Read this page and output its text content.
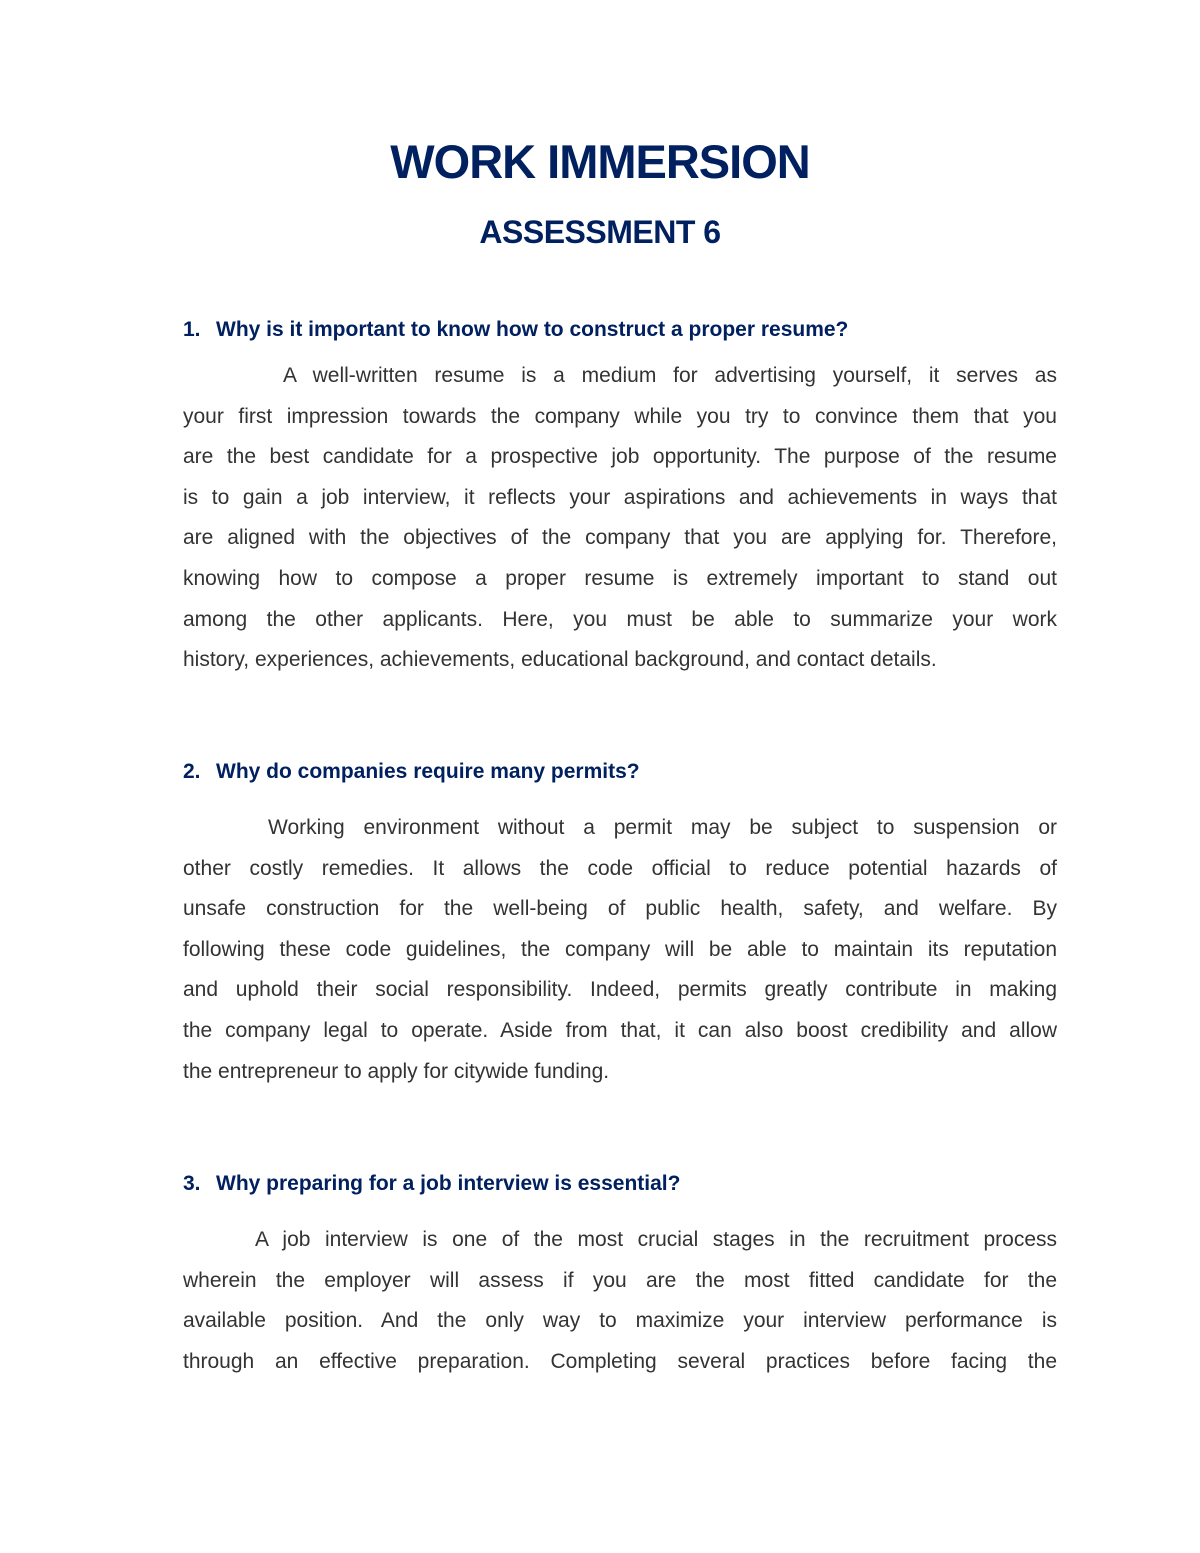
WORK IMMERSION
ASSESSMENT 6
1. Why is it important to know how to construct a proper resume?
A well-written resume is a medium for advertising yourself, it serves as
your first impression towards the company while you try to convince them that you
are the best candidate for a prospective job opportunity. The purpose of the resume
is to gain a job interview, it reflects your aspirations and achievements in ways that
are aligned with the objectives of the company that you are applying for. Therefore,
knowing how to compose a proper resume is extremely important to stand out
among the other applicants. Here, you must be able to summarize your work
history, experiences, achievements, educational background, and contact details.
2. Why do companies require many permits?
Working environment without a permit may be subject to suspension or
other costly remedies. It allows the code official to reduce potential hazards of
unsafe construction for the well-being of public health, safety, and welfare. By
following these code guidelines, the company will be able to maintain its reputation
and uphold their social responsibility. Indeed, permits greatly contribute in making
the company legal to operate. Aside from that, it can also boost credibility and allow
the entrepreneur to apply for citywide funding.
3. Why preparing for a job interview is essential?
A job interview is one of the most crucial stages in the recruitment process
wherein the employer will assess if you are the most fitted candidate for the
available position. And the only way to maximize your interview performance is
through an effective preparation. Completing several practices before facing the
